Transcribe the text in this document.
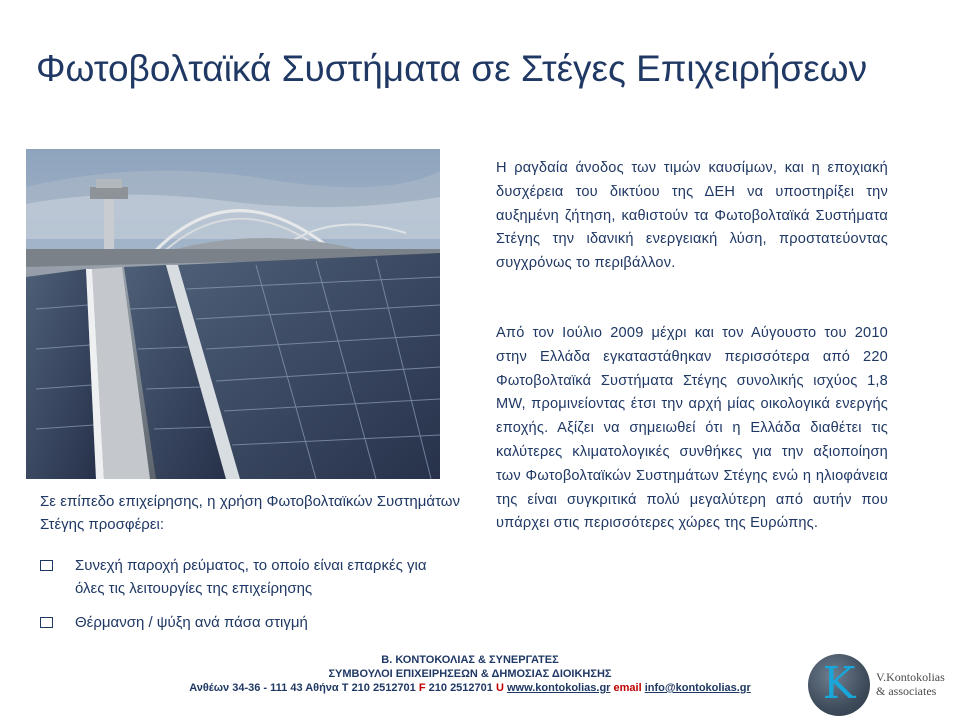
Φωτοβολταϊκά Συστήματα σε Στέγες Επιχειρήσεων

Η ραγδαία άνοδος των τιμών καυσίμων, και η εποχιακή δυσχέρεια του δικτύου της ΔΕΗ να υποστηρίξει την αυξημένη ζήτηση, καθιστούν τα Φωτοβολταϊκά Συστήματα Στέγης την ιδανική ενεργειακή λύση, προστατεύοντας συγχρόνως το περιβάλλον.

Από τον Ιούλιο 2009 μέχρι και τον Αύγουστο του 2010 στην Ελλάδα εγκαταστάθηκαν περισσότερα από 220 Φωτοβολταϊκά Συστήματα Στέγης συνολικής ισχύος 1,8 MW, προμινείοντας έτσι την αρχή μίας οικολογικά ενεργής εποχής. Αξίζει να σημειωθεί ότι η Ελλάδα διαθέτει τις καλύτερες κλιματολογικές συνθήκες για την αξιοποίηση των Φωτοβολταϊκών Συστημάτων Στέγης ενώ η ηλιοφάνεια της είναι συγκριτικά πολύ μεγαλύτερη από αυτήν που υπάρχει στις περισσότερες χώρες της Ευρώπης.

Σε επίπεδο επιχείρησης, η χρήση Φωτοβολταϊκών Συστημάτων Στέγης προσφέρει:

Συνεχή παροχή ρεύματος, το οποίο είναι επαρκές για όλες τις λειτουργίες της επιχείρησης
Θέρμανση / ψύξη ανά πάσα στιγμή
Β. ΚΟΝΤΟΚΟΛΙΑΣ & ΣΥΝΕΡΓΑΤΕΣ
ΣΥΜΒΟΥΛΟΙ ΕΠΙΧΕΙΡΗΣΕΩΝ & ΔΗΜΟΣΙΑΣ ΔΙΟΙΚΗΣΗΣ
Ανθέων 34-36 - 111 43 Αθήνα T 210 2512701 F 210 2512701 U www.kontokolias.gr email info@kontokolias.gr	K	V.Kontokolias
& associates
